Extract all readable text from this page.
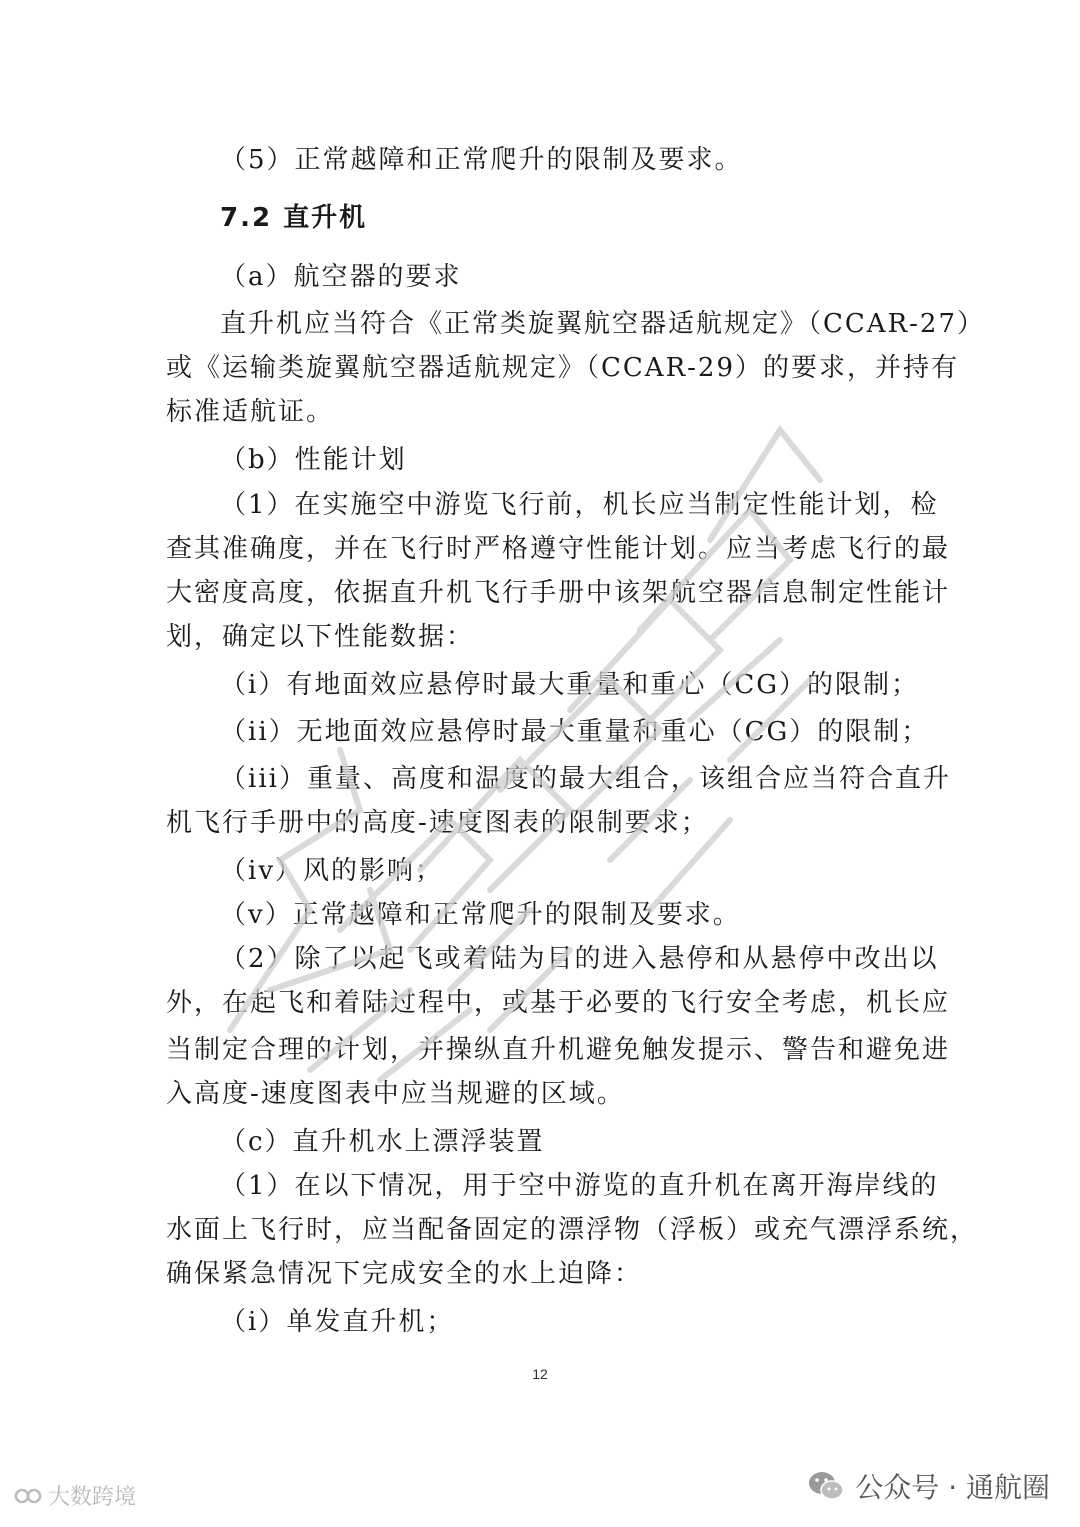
（5）正常越障和正常爬升的限制及要求。
7.2 直升机
（a）航空器的要求
直升机应当符合《正常类旋翼航空器适航规定》（CCAR-27）
或《运输类旋翼航空器适航规定》（CCAR-29）的要求，并持有
标准适航证。
（b）性能计划
（1）在实施空中游览飞行前，机长应当制定性能计划，检
查其准确度，并在飞行时严格遵守性能计划。应当考虑飞行的最
大密度高度，依据直升机飞行手册中该架航空器信息制定性能计
划，确定以下性能数据：
（i）有地面效应悬停时最大重量和重心（CG）的限制；
（ii）无地面效应悬停时最大重量和重心（CG）的限制；
（iii）重量、高度和温度的最大组合，该组合应当符合直升
机飞行手册中的高度-速度图表的限制要求；
（iv）风的影响；
（v）正常越障和正常爬升的限制及要求。
（2）除了以起飞或着陆为目的进入悬停和从悬停中改出以
外，在起飞和着陆过程中，或基于必要的飞行安全考虑，机长应
当制定合理的计划，并操纵直升机避免触发提示、警告和避免进
入高度-速度图表中应当规避的区域。
（c）直升机水上漂浮装置
（1）在以下情况，用于空中游览的直升机在离开海岸线的
水面上飞行时，应当配备固定的漂浮物（浮板）或充气漂浮系统，
确保紧急情况下完成安全的水上迫降：
（i）单发直升机；
12
大数跨境	公众号 · 通航圈
